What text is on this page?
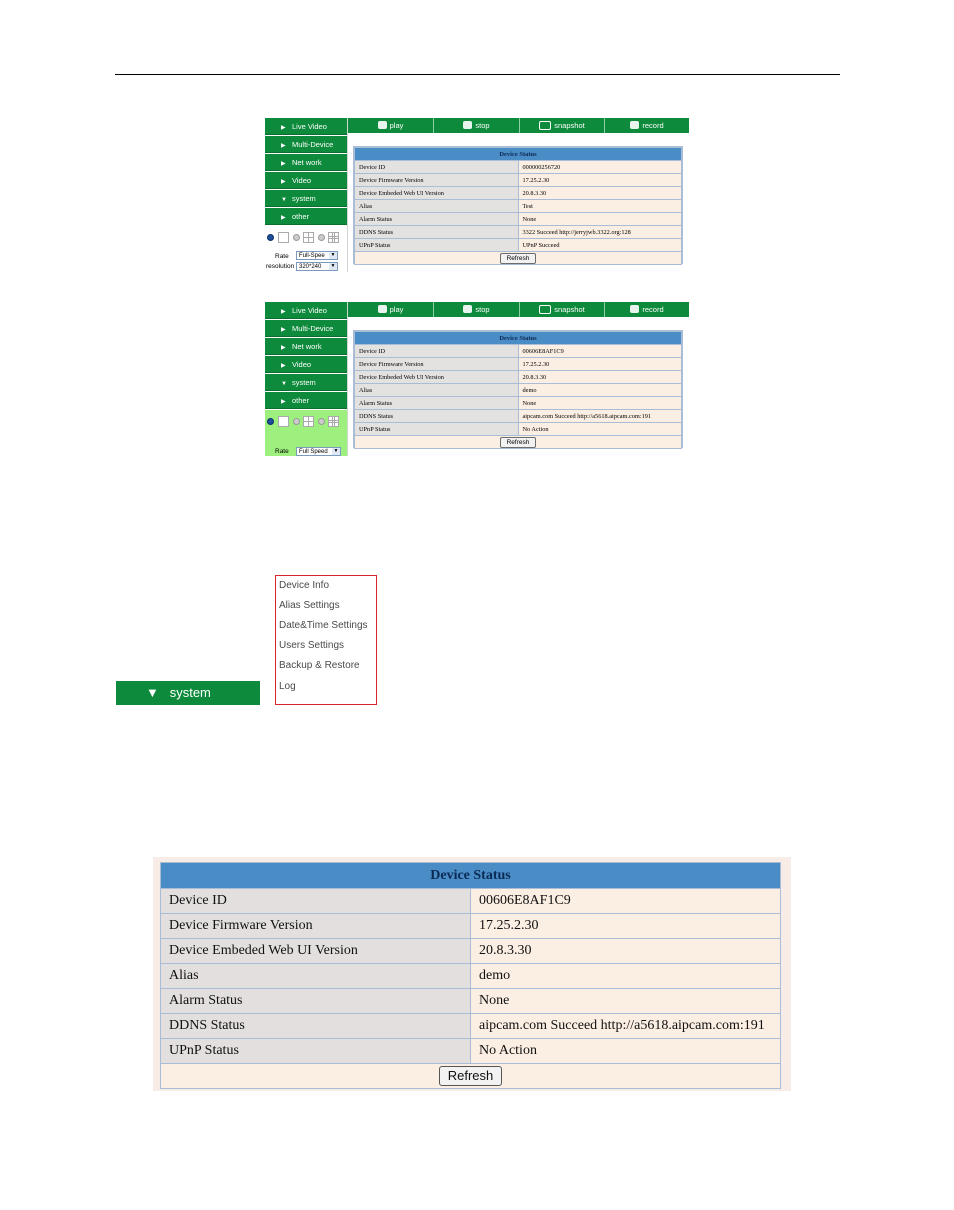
▶ Live Video
▶ Multi-Device
▶ Net work
▶ Video
▼ system
▶ other
Rate	Full-Spee	▼
resolution 320*240	▼
play	stop	snapshot	record
Device Status	
Device ID	000000256720
Device Firmware Version	17.25.2.30
Device Embeded Web UI Version	20.8.3.30
Alias	Test
Alarm Status	None
DDNS Status	3322 Succeed http://jerryjwb.3322.org:128
UPnP Status	UPnP Succeed
Refresh	
▶ Live Video
▶ Multi-Device
▶ Net work
▶ Video
▼ system
▶ other
Rate	Full Speed	▼
play	stop	snapshot	record
Device Status	
Device ID	00606E8AF1C9
Device Firmware Version	17.25.2.30
Device Embeded Web UI Version	20.8.3.30
Alias	demo
Alarm Status	None
DDNS Status	aipcam.com Succeed http://a5618.aipcam.com:191
UPnP Status	No Action
Refresh	
▼ system
Device Info
Alias Settings
Date&Time Settings
Users Settings
Backup & Restore
Log
Device Status	
Device ID	00606E8AF1C9
Device Firmware Version	17.25.2.30
Device Embeded Web UI Version	20.8.3.30
Alias	demo
Alarm Status	None
DDNS Status	aipcam.com Succeed http://a5618.aipcam.com:191
UPnP Status	No Action
Refresh	
